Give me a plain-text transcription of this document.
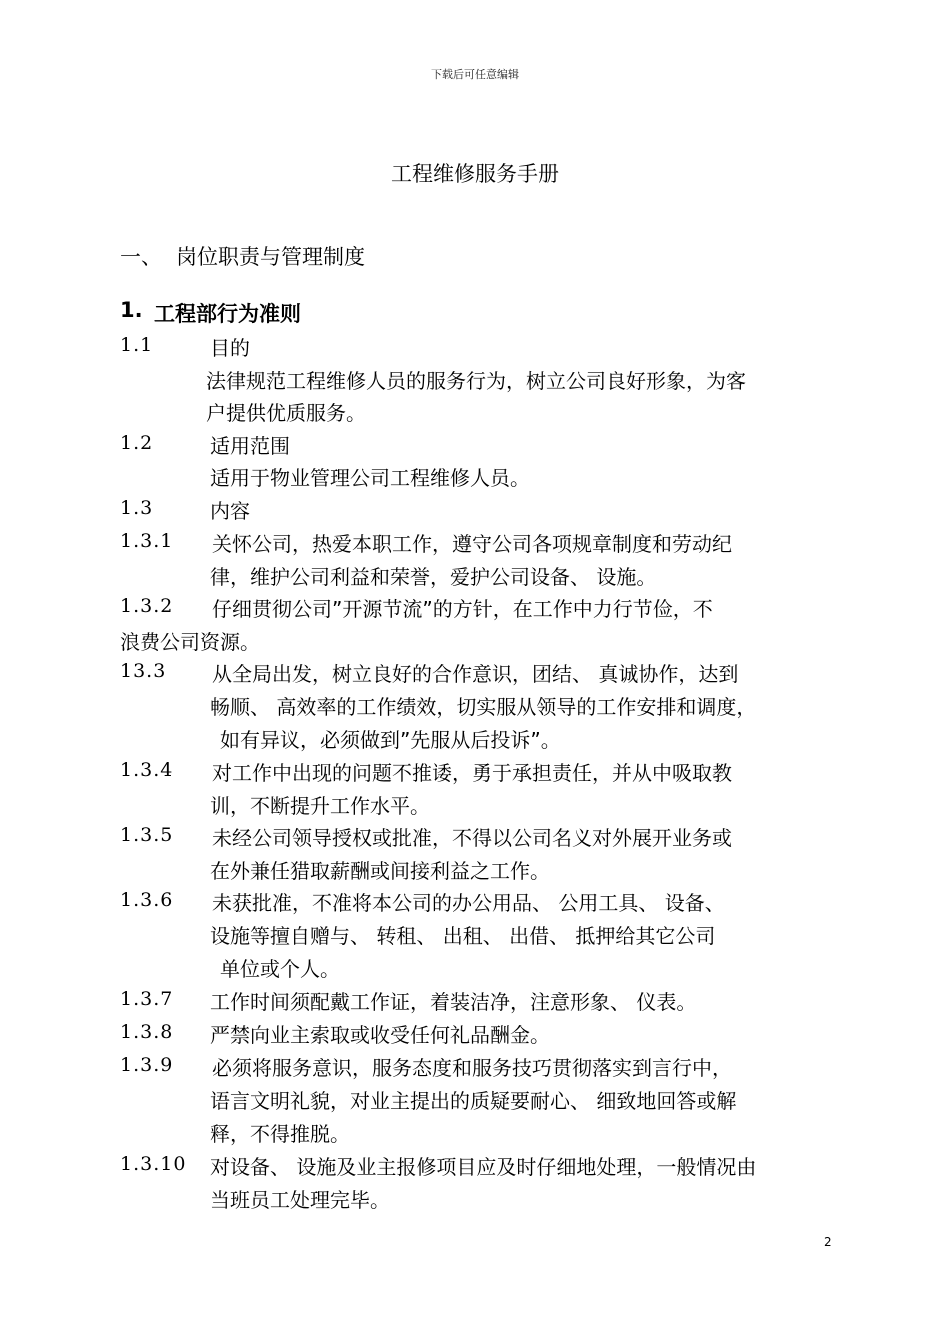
下载后可任意编辑
工程维修服务手册
一、 岗位职责与管理制度
1. 工程部行为准则
1.1	目的
法律规范工程维修人员的服务行为，树立公司良好形象，为客
户提供优质服务。
1.2	适用范围
适用于物业管理公司工程维修人员。
1.3	内容
1.3.1 关怀公司，热爱本职工作，遵守公司各项规章制度和劳动纪
律，维护公司利益和荣誉，爱护公司设备、 设施。
1.3.2 仔细贯彻公司”开源节流”的方针，在工作中力行节俭，不
浪费公司资源。
13.3 从全局出发，树立良好的合作意识，团结、 真诚协作，达到
畅顺、 高效率的工作绩效，切实服从领导的工作安排和调度，
如有异议，必须做到”先服从后投诉”。
1.3.4 对工作中出现的问题不推诿，勇于承担责任，并从中吸取教
训，不断提升工作水平。
1.3.5 未经公司领导授权或批准，不得以公司名义对外展开业务或
在外兼任猎取薪酬或间接利益之工作。
1.3.6 未获批准，不准将本公司的办公用品、 公用工具、 设备、
设施等擅自赠与、 转租、 出租、 出借、 抵押给其它公司
单位或个人。
1.3.7 工作时间须配戴工作证，着装洁净，注意形象、 仪表。
1.3.8 严禁向业主索取或收受任何礼品酬金。
1.3.9 必须将服务意识，服务态度和服务技巧贯彻落实到言行中，
语言文明礼貌，对业主提出的质疑要耐心、 细致地回答或解
释，不得推脱。
1.3.10 对设备、 设施及业主报修项目应及时仔细地处理，一般情况由
当班员工处理完毕。
2
